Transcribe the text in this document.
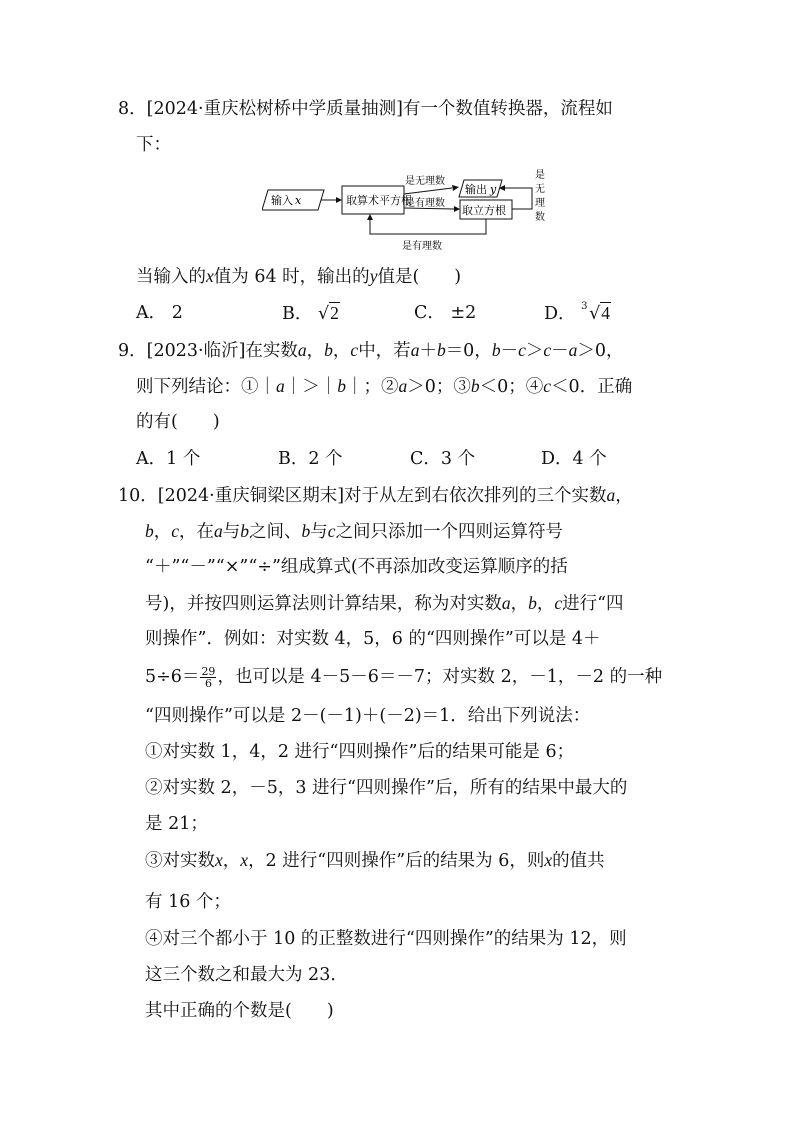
8．[2024·重庆松树桥中学质量抽测]有一个数值转换器，流程如
下：
输入 x	取算术平方根
是无理数
是有理数
输出 y
取立方根
是
无
理
数
是有理数
当输入的x值为 64 时，输出的y值是(　　)
A． 2	B． √2	C． ±2	D． 3 √4
9．[2023·临沂]在实数a，b，c中，若a＋b＝0，b－c＞c－a＞0，
则下列结论：①｜a｜＞｜b｜；②a＞0；③b＜0；④c＜0．正确
的有(　　)
A．1 个	B．2 个	C．3 个	D．4 个
10．[2024·重庆铜梁区期末]对于从左到右依次排列的三个实数a，
b，c，在a与b之间、b与c之间只添加一个四则运算符号
“＋”“－”“×”“÷”组成算式(不再添加改变运算顺序的括
号)，并按四则运算法则计算结果，称为对实数a，b，c进行“四
则操作”．例如：对实数 4，5，6 的“四则操作”可以是 4＋
$5\div 6= \frac{29}{6}$ ，也可以是 4－5－6＝－7；对实数 2，－1，－2 的一种
“四则操作”可以是 2－(－1)＋(－2)＝1．给出下列说法：
①对实数 1，4，2 进行“四则操作”后的结果可能是 6；
②对实数 2，－5，3 进行“四则操作”后，所有的结果中最大的
是 21；
③对实数x，x，2 进行“四则操作”后的结果为 6，则x的值共
有 16 个；
④对三个都小于 10 的正整数进行“四则操作”的结果为 12，则
这三个数之和最大为 23．
其中正确的个数是(　　)
